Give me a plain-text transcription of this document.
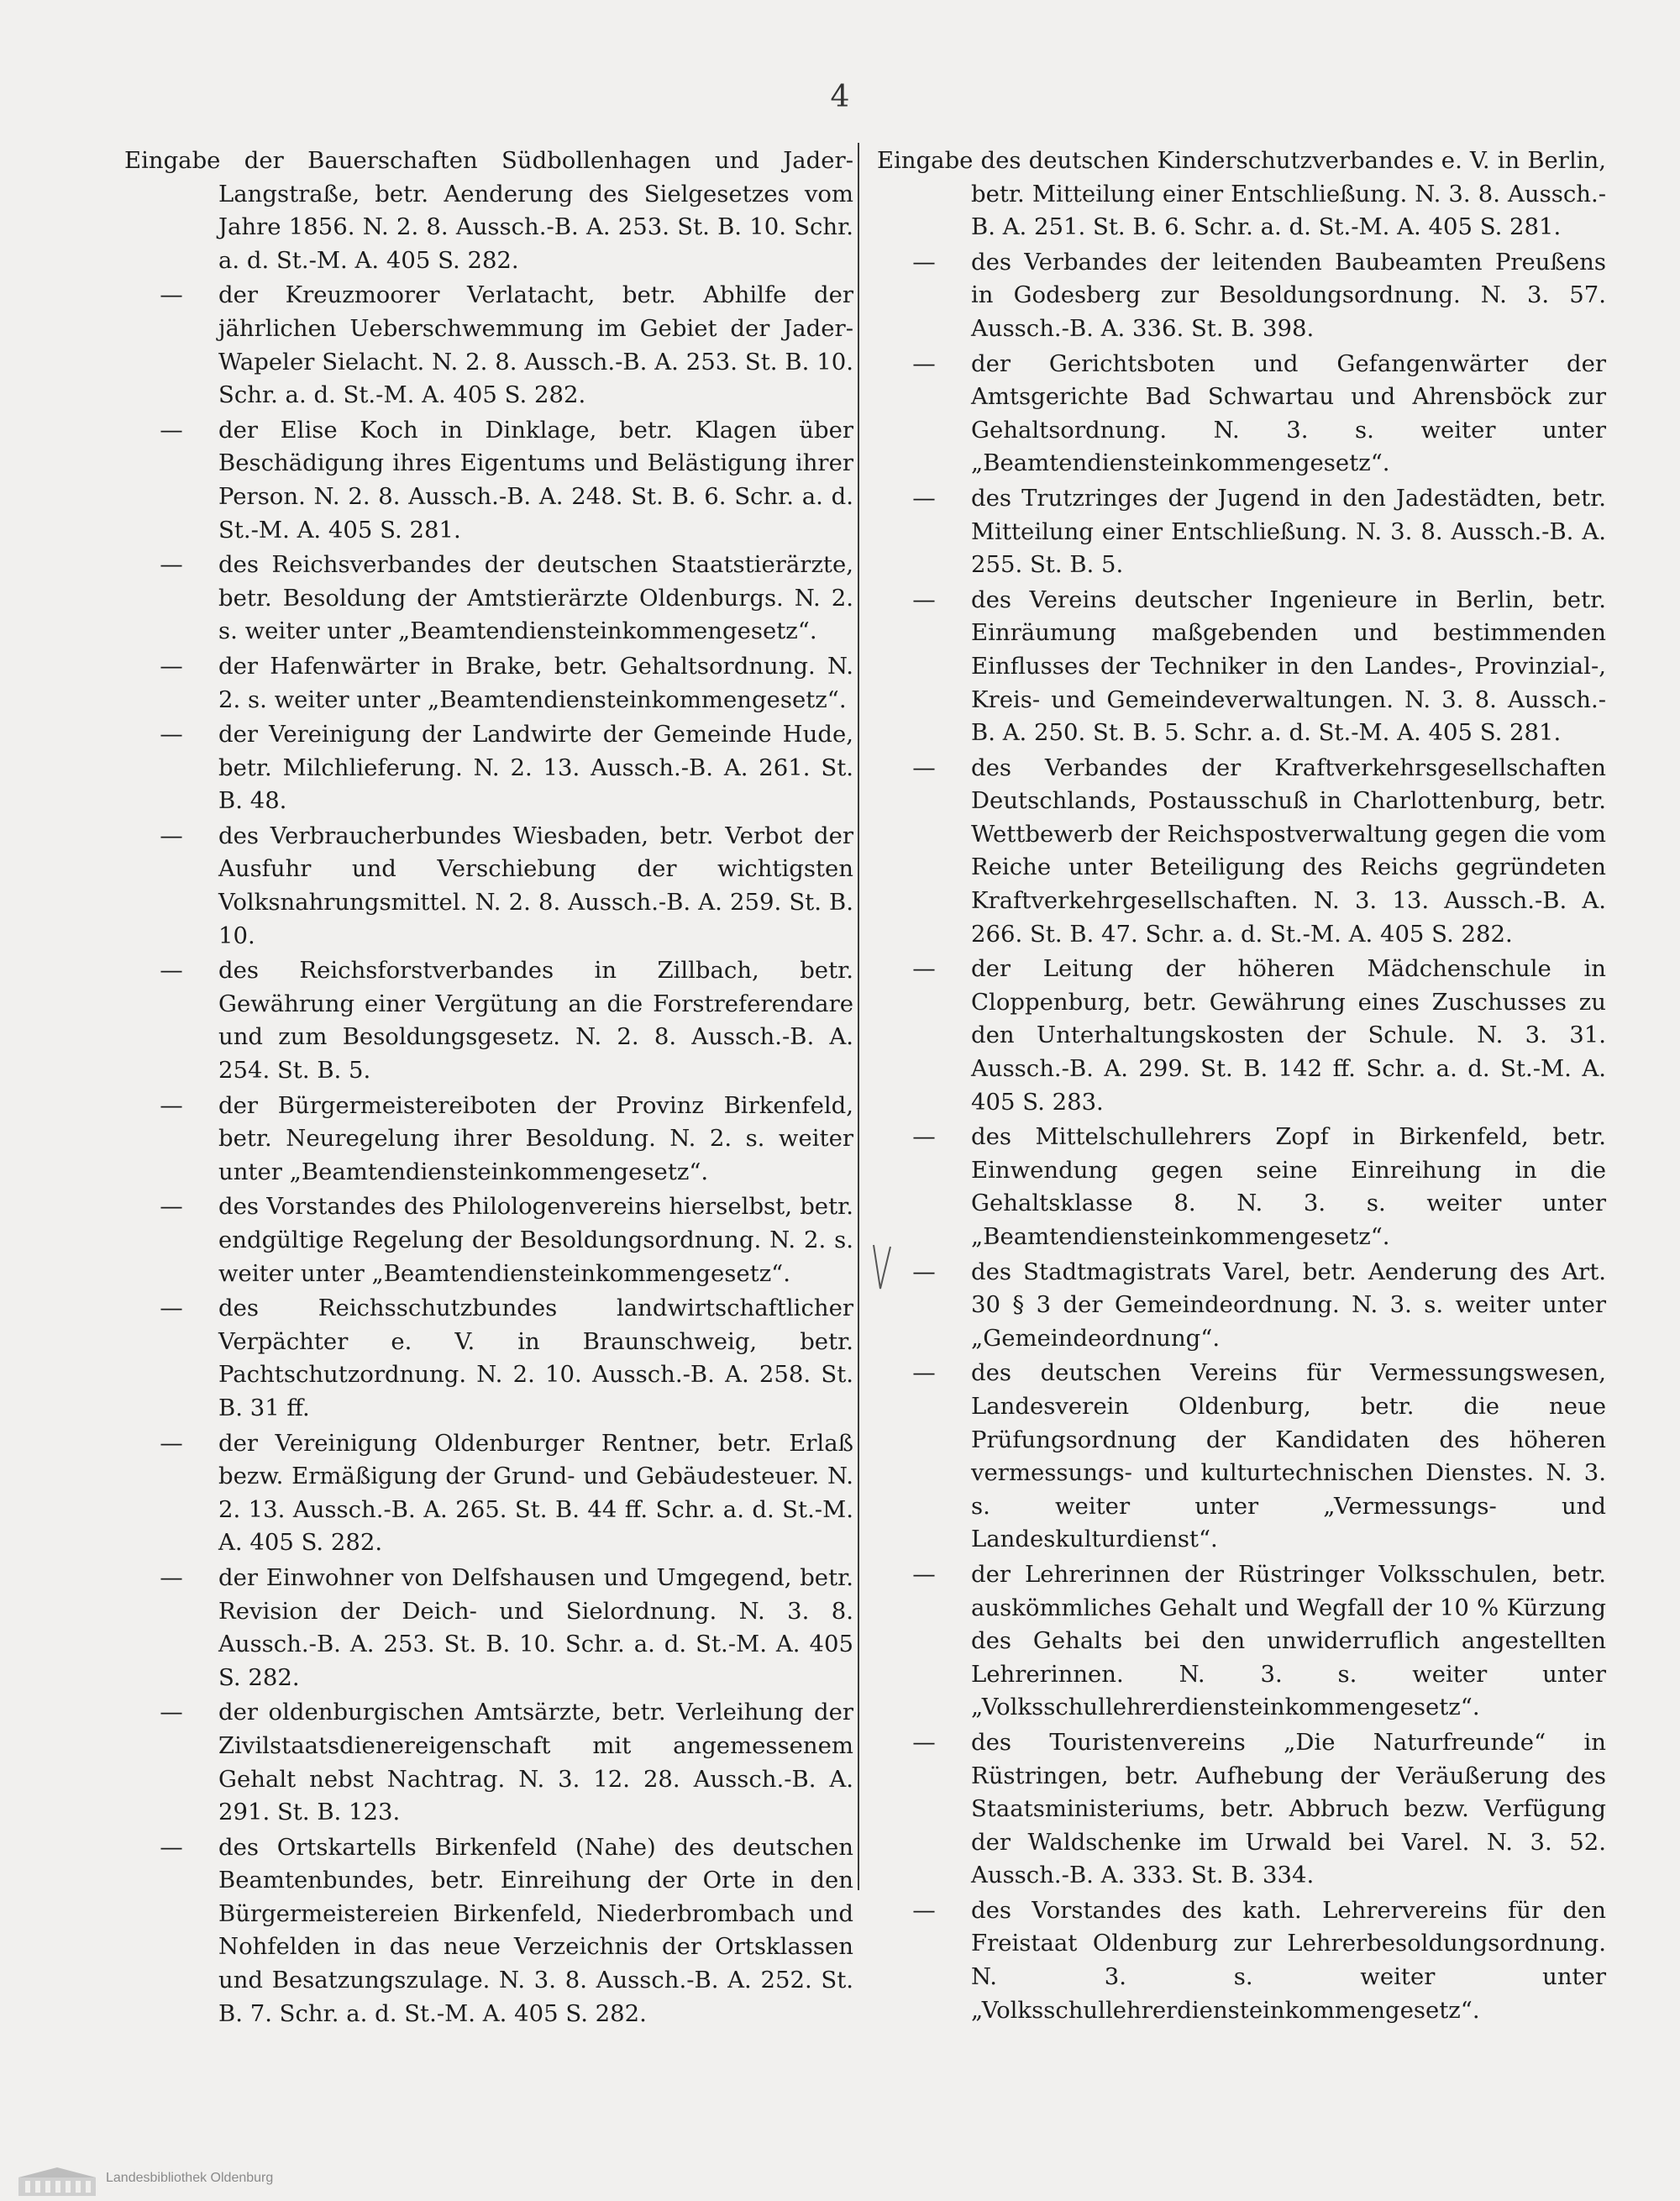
4

Eingabe der Bauerschaften Südbollenhagen und Jader-Langstraße, betr. Aenderung des Sielgesetzes vom Jahre 1856. N. 2. 8. Aussch.-B. A. 253. St. B. 10. Schr. a. d. St.-M. A. 405 S. 282.

— der Kreuzmoorer Verlatacht, betr. Abhilfe der jährlichen Ueberschwemmung im Gebiet der Jader-Wapeler Sielacht. N. 2. 8. Aussch.-B. A. 253. St. B. 10. Schr. a. d. St.-M. A. 405 S. 282.

— der Elise Koch in Dinklage, betr. Klagen über Beschädigung ihres Eigentums und Belästigung ihrer Person. N. 2. 8. Aussch.-B. A. 248. St. B. 6. Schr. a. d. St.-M. A. 405 S. 281.

— des Reichsverbandes der deutschen Staatstierärzte, betr. Besoldung der Amtstierärzte Oldenburgs. N. 2. s. weiter unter „Beamtendiensteinkommengesetz“.

— der Hafenwärter in Brake, betr. Gehaltsordnung. N. 2. s. weiter unter „Beamtendiensteinkommengesetz“.

— der Vereinigung der Landwirte der Gemeinde Hude, betr. Milchlieferung. N. 2. 13. Aussch.-B. A. 261. St. B. 48.

— des Verbraucherbundes Wiesbaden, betr. Verbot der Ausfuhr und Verschiebung der wichtigsten Volksnahrungsmittel. N. 2. 8. Aussch.-B. A. 259. St. B. 10.

— des Reichsforstverbandes in Zillbach, betr. Gewährung einer Vergütung an die Forstreferendare und zum Besoldungsgesetz. N. 2. 8. Aussch.-B. A. 254. St. B. 5.

— der Bürgermeistereiboten der Provinz Birkenfeld, betr. Neuregelung ihrer Besoldung. N. 2. s. weiter unter „Beamtendiensteinkommengesetz“.

— des Vorstandes des Philologenvereins hierselbst, betr. endgültige Regelung der Besoldungsordnung. N. 2. s. weiter unter „Beamtendiensteinkommengesetz“.

— des Reichsschutzbundes landwirtschaftlicher Verpächter e. V. in Braunschweig, betr. Pachtschutzordnung. N. 2. 10. Aussch.-B. A. 258. St. B. 31 ff.

— der Vereinigung Oldenburger Rentner, betr. Erlaß bezw. Ermäßigung der Grund- und Gebäudesteuer. N. 2. 13. Aussch.-B. A. 265. St. B. 44 ff. Schr. a. d. St.-M. A. 405 S. 282.

— der Einwohner von Delfshausen und Umgegend, betr. Revision der Deich- und Sielordnung. N. 3. 8. Aussch.-B. A. 253. St. B. 10. Schr. a. d. St.-M. A. 405 S. 282.

— der oldenburgischen Amtsärzte, betr. Verleihung der Zivilstaatsdienereigenschaft mit angemessenem Gehalt nebst Nachtrag. N. 3. 12. 28. Aussch.-B. A. 291. St. B. 123.

— des Ortskartells Birkenfeld (Nahe) des deutschen Beamtenbundes, betr. Einreihung der Orte in den Bürgermeistereien Birkenfeld, Niederbrombach und Nohfelden in das neue Verzeichnis der Ortsklassen und Besatzungszulage. N. 3. 8. Aussch.-B. A. 252. St. B. 7. Schr. a. d. St.-M. A. 405 S. 282.

Eingabe des deutschen Kinderschutzverbandes e. V. in Berlin, betr. Mitteilung einer Entschließung. N. 3. 8. Aussch.-B. A. 251. St. B. 6. Schr. a. d. St.-M. A. 405 S. 281.

— des Verbandes der leitenden Baubeamten Preußens in Godesberg zur Besoldungsordnung. N. 3. 57. Aussch.-B. A. 336. St. B. 398.

— der Gerichtsboten und Gefangenwärter der Amtsgerichte Bad Schwartau und Ahrensböck zur Gehaltsordnung. N. 3. s. weiter unter „Beamtendiensteinkommengesetz“.

— des Trutzringes der Jugend in den Jadestädten, betr. Mitteilung einer Entschließung. N. 3. 8. Aussch.-B. A. 255. St. B. 5.

— des Vereins deutscher Ingenieure in Berlin, betr. Einräumung maßgebenden und bestimmenden Einflusses der Techniker in den Landes-, Provinzial-, Kreis- und Gemeindeverwaltungen. N. 3. 8. Aussch.-B. A. 250. St. B. 5. Schr. a. d. St.-M. A. 405 S. 281.

— des Verbandes der Kraftverkehrsgesellschaften Deutschlands, Postausschuß in Charlottenburg, betr. Wettbewerb der Reichspostverwaltung gegen die vom Reiche unter Beteiligung des Reichs gegründeten Kraftverkehrgesellschaften. N. 3. 13. Aussch.-B. A. 266. St. B. 47. Schr. a. d. St.-M. A. 405 S. 282.

— der Leitung der höheren Mädchenschule in Cloppenburg, betr. Gewährung eines Zuschusses zu den Unterhaltungskosten der Schule. N. 3. 31. Aussch.-B. A. 299. St. B. 142 ff. Schr. a. d. St.-M. A. 405 S. 283.

— des Mittelschullehrers Zopf in Birkenfeld, betr. Einwendung gegen seine Einreihung in die Gehaltsklasse 8. N. 3. s. weiter unter „Beamtendiensteinkommengesetz“.

— des Stadtmagistrats Varel, betr. Aenderung des Art. 30 § 3 der Gemeindeordnung. N. 3. s. weiter unter „Gemeindeordnung“.

— des deutschen Vereins für Vermessungswesen, Landesverein Oldenburg, betr. die neue Prüfungsordnung der Kandidaten des höheren vermessungs- und kulturtechnischen Dienstes. N. 3. s. weiter unter „Vermessungs- und Landeskulturdienst“.

— der Lehrerinnen der Rüstringer Volksschulen, betr. auskömmliches Gehalt und Wegfall der 10 % Kürzung des Gehalts bei den unwiderruflich angestellten Lehrerinnen. N. 3. s. weiter unter „Volksschullehrerdiensteinkommengesetz“.

— des Touristenvereins „Die Naturfreunde“ in Rüstringen, betr. Aufhebung der Veräußerung des Staatsministeriums, betr. Abbruch bezw. Verfügung der Waldschenke im Urwald bei Varel. N. 3. 52. Aussch.-B. A. 333. St. B. 334.

— des Vorstandes des kath. Lehrervereins für den Freistaat Oldenburg zur Lehrerbesoldungsordnung. N. 3. s. weiter unter „Volksschullehrerdiensteinkommengesetz“.

Landesbibliothek Oldenburg
